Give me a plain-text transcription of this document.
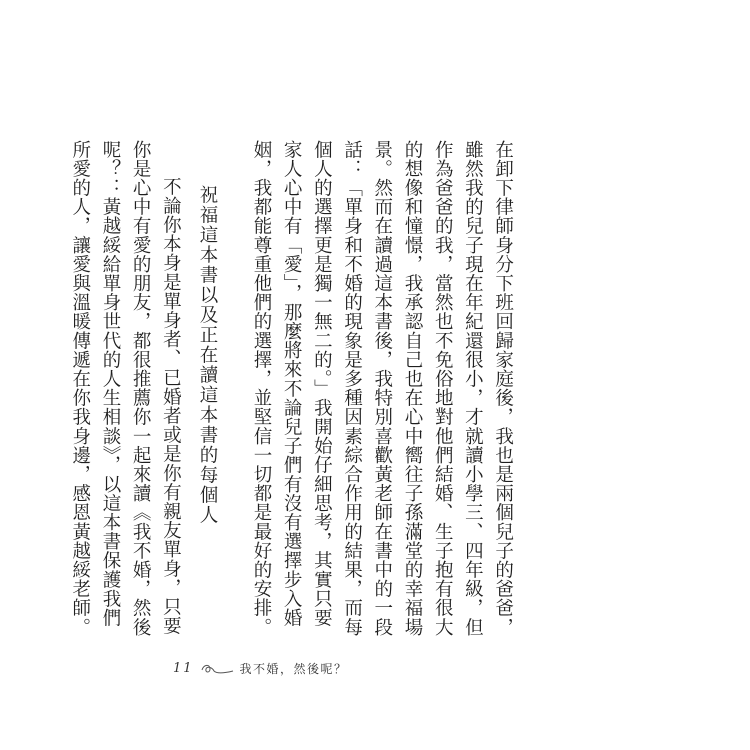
在卸下律師身分下班回歸家庭後，我也是兩個兒子的爸爸，雖然我的兒子現在年紀還很小，才就讀小學三、四年級，但作為爸爸的我，當然也不免俗地對他們結婚、生子抱有很大的想像和憧憬，我承認自己也在心中嚮往子孫滿堂的幸福場景。然而在讀過這本書後，我特別喜歡黃老師在書中的一段話：「單身和不婚的現象是多種因素綜合作用的結果，而每個人的選擇更是獨一無二的。」我開始仔細思考，其實只要家人心中有「愛」，那麼將來不論兒子們有沒有選擇步入婚姻，我都能尊重他們的選擇，並堅信一切都是最好的安排。

不論你本身是單身者、已婚者或是你有親友單身，只要你是心中有愛的朋友，都很推薦你一起來讀《我不婚，然後呢？：黃越綏給單身世代的人生相談》，以這本書保護我們所愛的人，讓愛與溫暖傳遞在你我身邊，感恩黃越綏老師。

	祝福這本書以及正在讀這本書的每個人
11	我不婚，然後呢？
